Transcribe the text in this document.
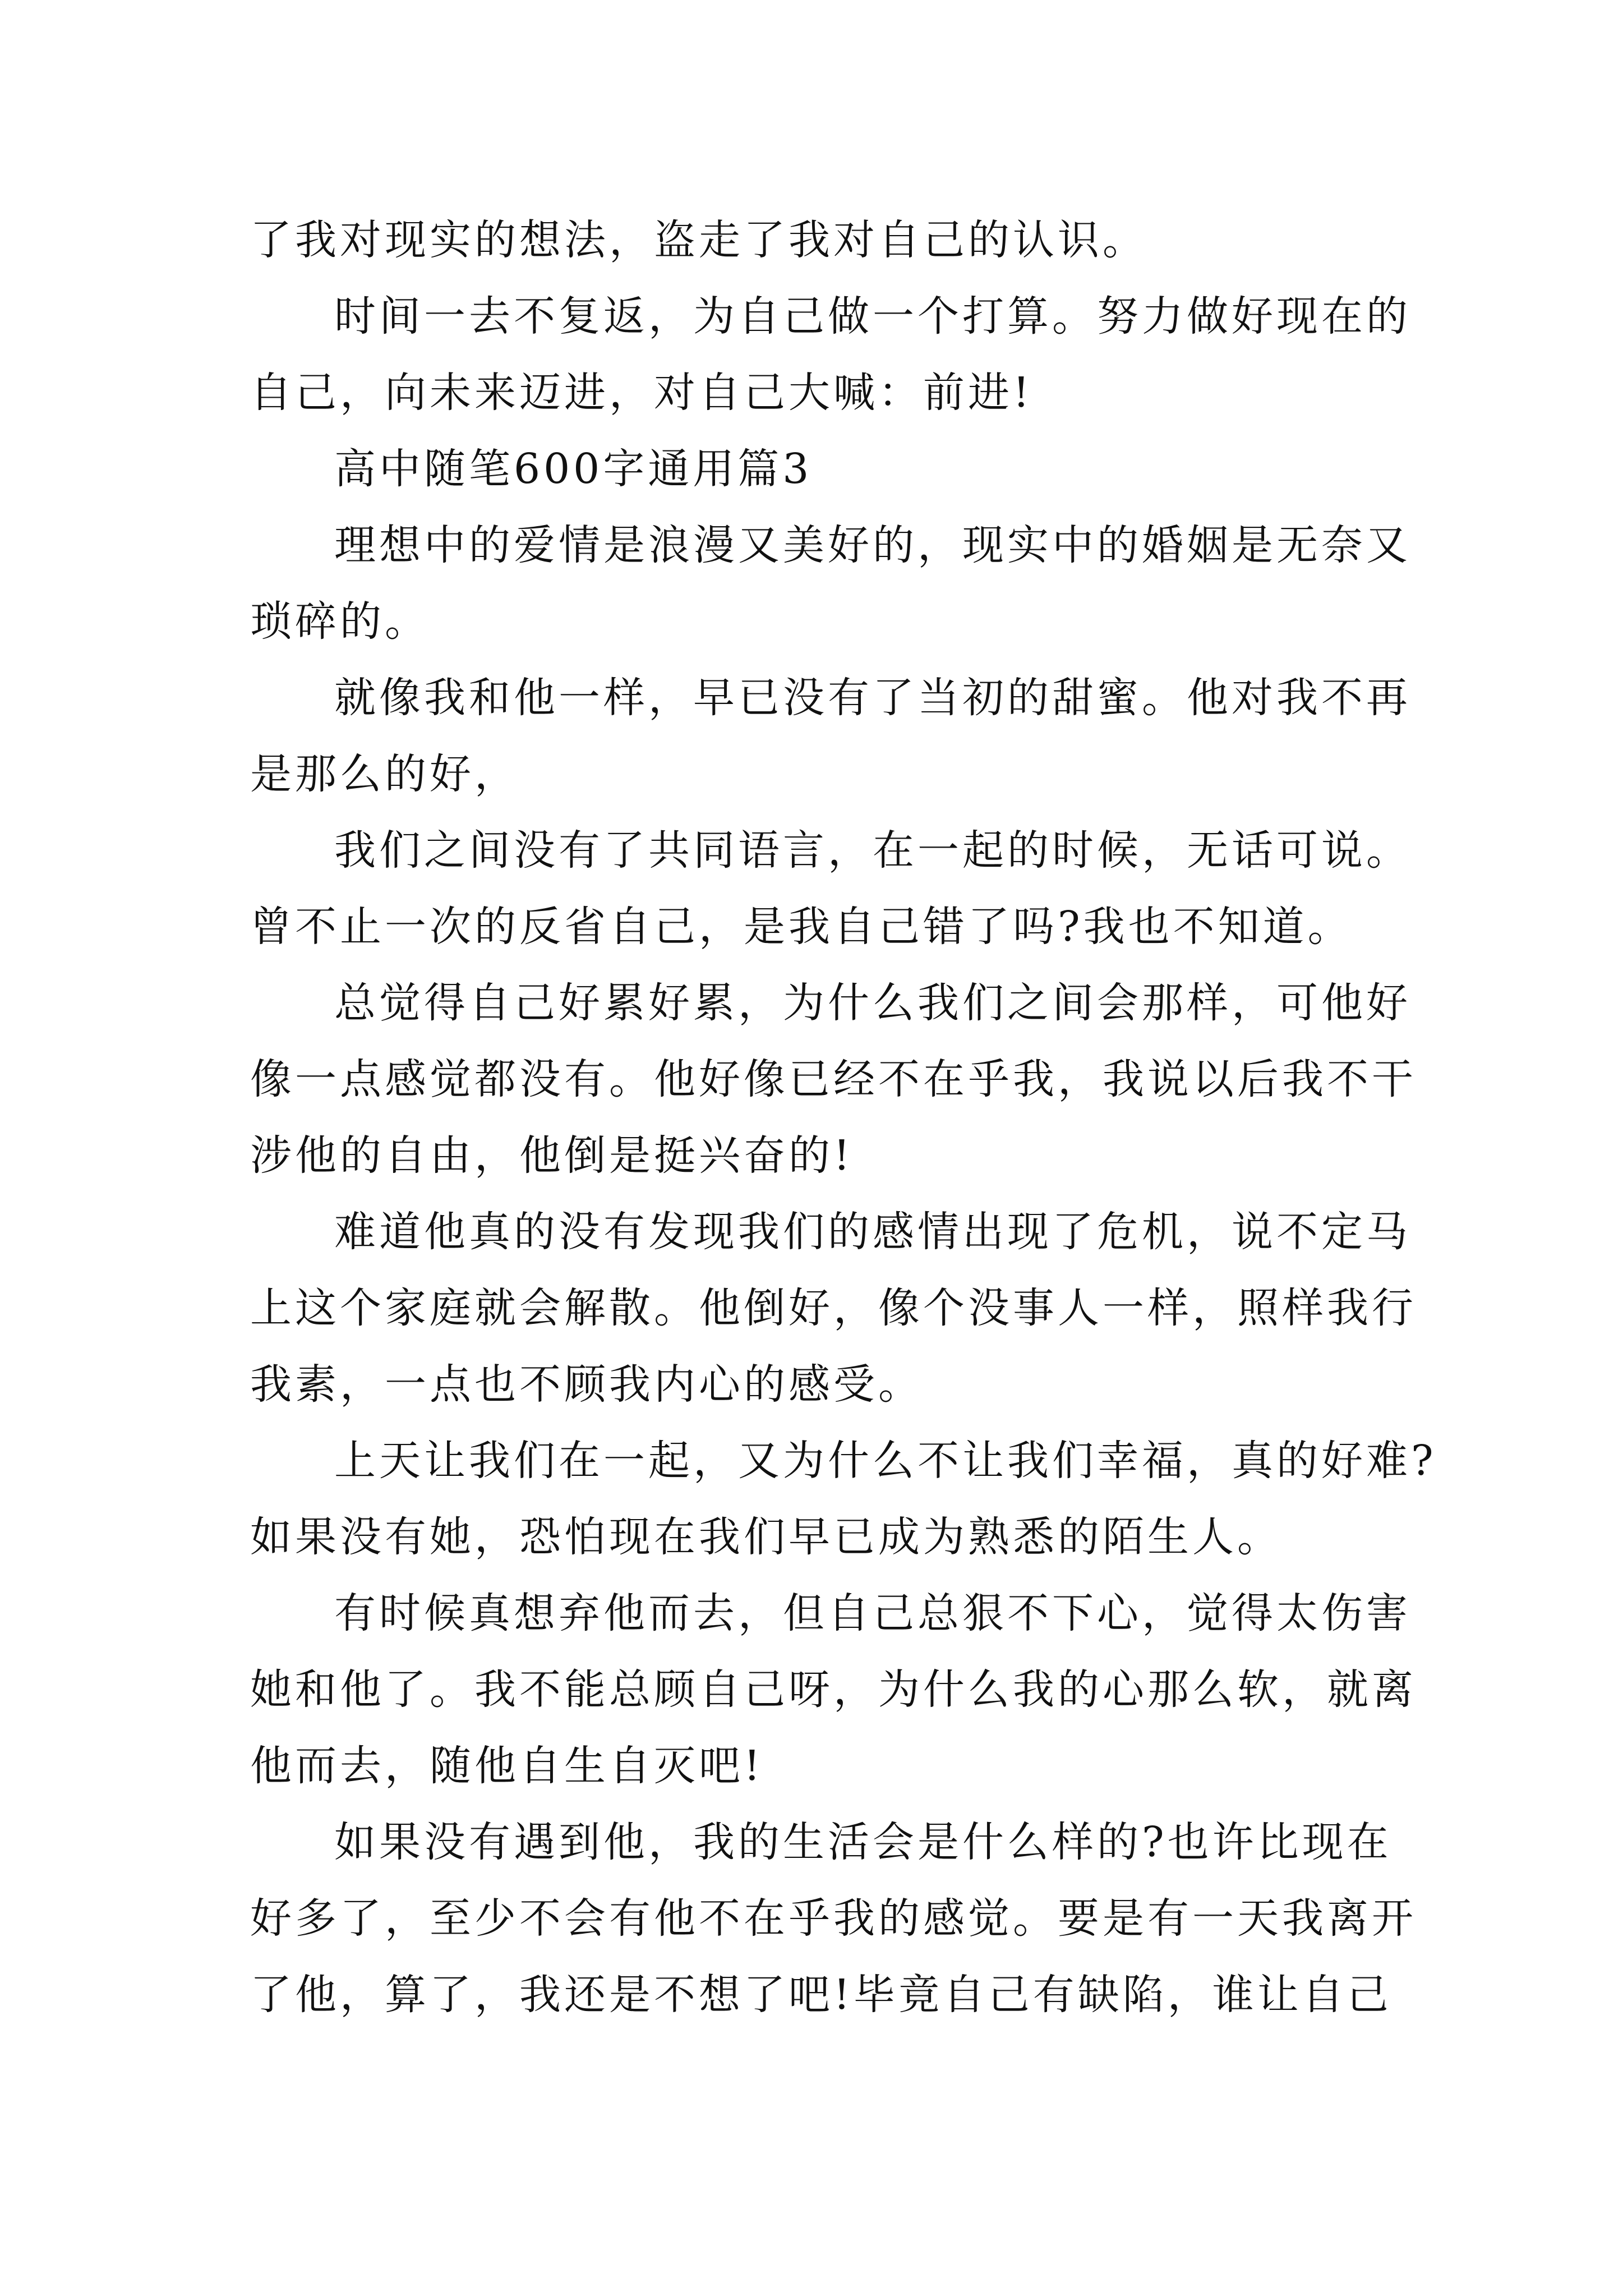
了我对现实的想法，盗走了我对自己的认识。
时间一去不复返，为自己做一个打算。努力做好现在的
自己，向未来迈进，对自己大喊：前进!
高中随笔600字通用篇3
理想中的爱情是浪漫又美好的，现实中的婚姻是无奈又
琐碎的。
就像我和他一样，早已没有了当初的甜蜜。他对我不再
是那么的好，
我们之间没有了共同语言，在一起的时候，无话可说。
曾不止一次的反省自己，是我自己错了吗?我也不知道。
总觉得自己好累好累，为什么我们之间会那样，可他好
像一点感觉都没有。他好像已经不在乎我，我说以后我不干
涉他的自由，他倒是挺兴奋的!
难道他真的没有发现我们的感情出现了危机，说不定马
上这个家庭就会解散。他倒好，像个没事人一样，照样我行
我素，一点也不顾我内心的感受。
上天让我们在一起，又为什么不让我们幸福，真的好难?
如果没有她，恐怕现在我们早已成为熟悉的陌生人。
有时候真想弃他而去，但自己总狠不下心，觉得太伤害
她和他了。我不能总顾自己呀，为什么我的心那么软，就离
他而去，随他自生自灭吧!
如果没有遇到他，我的生活会是什么样的?也许比现在
好多了，至少不会有他不在乎我的感觉。要是有一天我离开
了他，算了，我还是不想了吧!毕竟自己有缺陷，谁让自己
